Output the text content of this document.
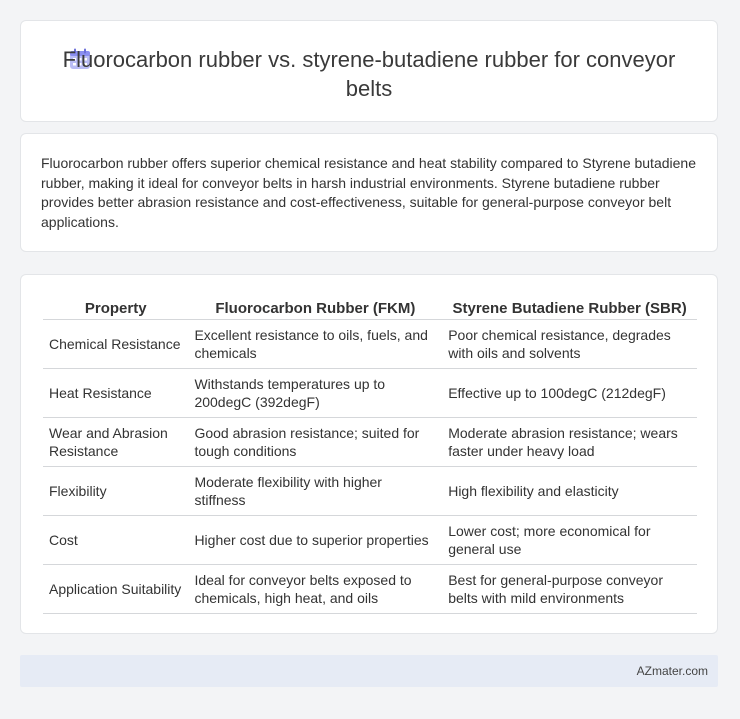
Fluorocarbon rubber vs. styrene-butadiene rubber for conveyor belts
Fluorocarbon rubber offers superior chemical resistance and heat stability compared to Styrene butadiene rubber, making it ideal for conveyor belts in harsh industrial environments. Styrene butadiene rubber provides better abrasion resistance and cost-effectiveness, suitable for general-purpose conveyor belt applications.
Property	Fluorocarbon Rubber (FKM)	Styrene Butadiene Rubber (SBR)
Chemical Resistance	Excellent resistance to oils, fuels, and chemicals	Poor chemical resistance, degrades with oils and solvents
Heat Resistance	Withstands temperatures up to 200degC (392degF)	Effective up to 100degC (212degF)
Wear and Abrasion Resistance	Good abrasion resistance; suited for tough conditions	Moderate abrasion resistance; wears faster under heavy load
Flexibility	Moderate flexibility with higher stiffness	High flexibility and elasticity
Cost	Higher cost due to superior properties	Lower cost; more economical for general use
Application Suitability	Ideal for conveyor belts exposed to chemicals, high heat, and oils	Best for general-purpose conveyor belts with mild environments
AZmater.com
